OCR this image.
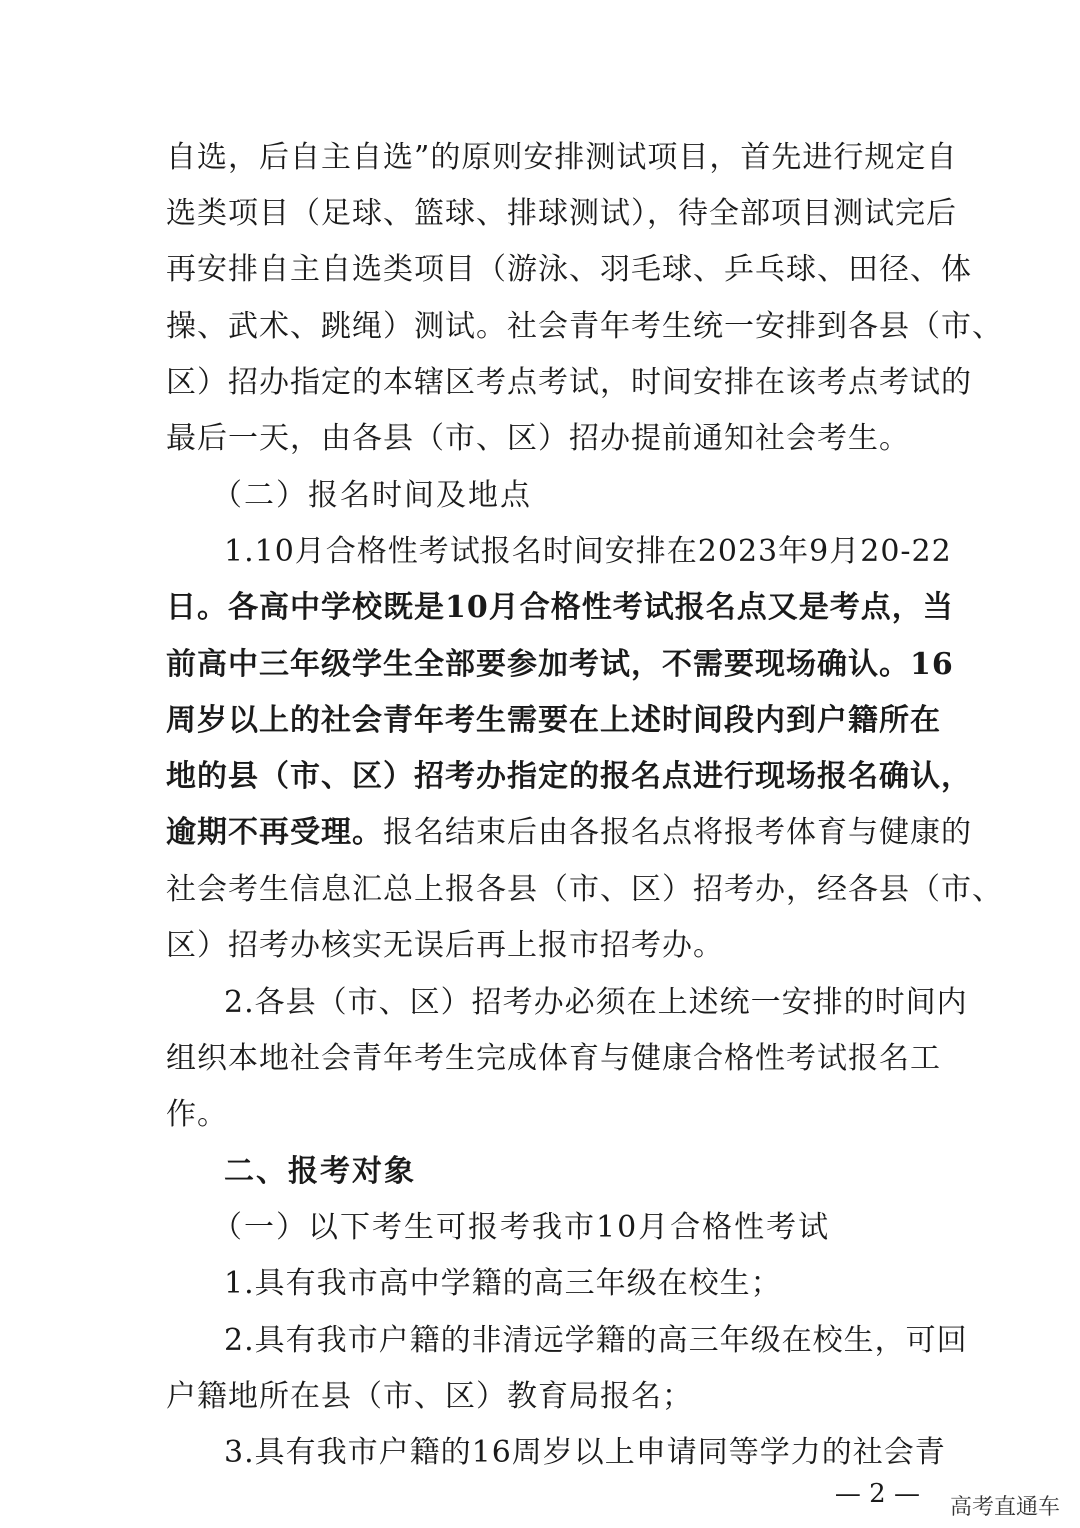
自选，后自主自选”的原则安排测试项目，首先进行规定自
选类项目（足球、篮球、排球测试），待全部项目测试完后
再安排自主自选类项目（游泳、羽毛球、乒乓球、田径、体
操、武术、跳绳）测试。社会青年考生统一安排到各县（市、
区）招办指定的本辖区考点考试，时间安排在该考点考试的
最后一天，由各县（市、区）招办提前通知社会考生。
（二）报名时间及地点
1.10月合格性考试报名时间安排在2023年9月20-22
日。各高中学校既是10月合格性考试报名点又是考点，当
前高中三年级学生全部要参加考试，不需要现场确认。16
周岁以上的社会青年考生需要在上述时间段内到户籍所在
地的县（市、区）招考办指定的报名点进行现场报名确认，
逾期不再受理。报名结束后由各报名点将报考体育与健康的
社会考生信息汇总上报各县（市、区）招考办，经各县（市、
区）招考办核实无误后再上报市招考办。
2.各县（市、区）招考办必须在上述统一安排的时间内
组织本地社会青年考生完成体育与健康合格性考试报名工
作。
二、报考对象
（一）以下考生可报考我市10月合格性考试
1.具有我市高中学籍的高三年级在校生；
2.具有我市户籍的非清远学籍的高三年级在校生，可回
户籍地所在县（市、区）教育局报名；
3.具有我市户籍的16周岁以上申请同等学力的社会青
— 2 —	高考直通车
